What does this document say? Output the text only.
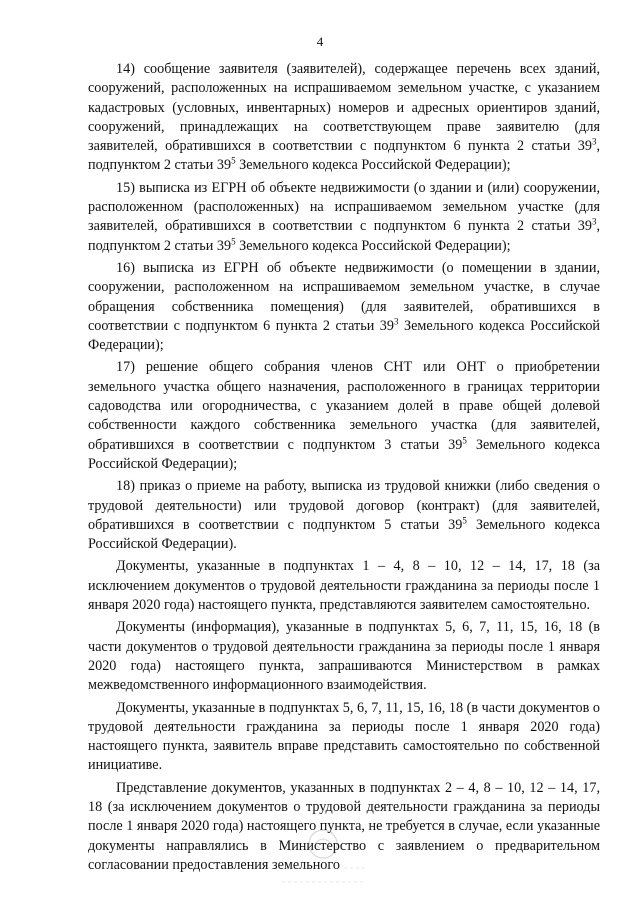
4

14) сообщение заявителя (заявителей), содержащее перечень всех зданий, сооружений, расположенных на испрашиваемом земельном участке, с указанием кадастровых (условных, инвентарных) номеров и адресных ориентиров зданий, сооружений, принадлежащих на соответствующем праве заявителю (для заявителей, обратившихся в соответствии с подпунктом 6 пункта 2 статьи $39^3$, подпунктом 2 статьи $39^5$ Земельного кодекса Российской Федерации);

15) выписка из ЕГРН об объекте недвижимости (о здании и (или) сооружении, расположенном (расположенных) на испрашиваемом земельном участке (для заявителей, обратившихся в соответствии с подпунктом 6 пункта 2 статьи $39^3$, подпунктом 2 статьи $39^5$ Земельного кодекса Российской Федерации);

16) выписка из ЕГРН об объекте недвижимости (о помещении в здании, сооружении, расположенном на испрашиваемом земельном участке, в случае обращения собственника помещения) (для заявителей, обратившихся в соответствии с подпунктом 6 пункта 2 статьи $39^3$ Земельного кодекса Российской Федерации);

17) решение общего собрания членов СНТ или ОНТ о приобретении земельного участка общего назначения, расположенного в границах территории садоводства или огородничества, с указанием долей в праве общей долевой собственности каждого собственника земельного участка (для заявителей, обратившихся в соответствии с подпунктом 3 статьи $39^5$ Земельного кодекса Российской Федерации);

18) приказ о приеме на работу, выписка из трудовой книжки (либо сведения о трудовой деятельности) или трудовой договор (контракт) (для заявителей, обратившихся в соответствии с подпунктом 5 статьи $39^5$ Земельного кодекса Российской Федерации).

Документы, указанные в подпунктах 1 – 4, 8 – 10, 12 – 14, 17, 18 (за исключением документов о трудовой деятельности гражданина за периоды после 1 января 2020 года) настоящего пункта, представляются заявителем самостоятельно.

Документы (информация), указанные в подпунктах 5, 6, 7, 11, 15, 16, 18 (в части документов о трудовой деятельности гражданина за периоды после 1 января 2020 года) настоящего пункта, запрашиваются Министерством в рамках межведомственного информационного взаимодействия.

Документы, указанные в подпунктах 5, 6, 7, 11, 15, 16, 18 (в части документов о трудовой деятельности гражданина за периоды после 1 января 2020 года) настоящего пункта, заявитель вправе представить самостоятельно по собственной инициативе.

Представление документов, указанных в подпунктах 2 – 4, 8 – 10, 12 – 14, 17, 18 (за исключением документов о трудовой деятельности гражданина за периоды после 1 января 2020 года) настоящего пункта, не требуется в случае, если указанные документы направлялись в Министерство с заявлением о предварительном согласовании предоставления земельного
